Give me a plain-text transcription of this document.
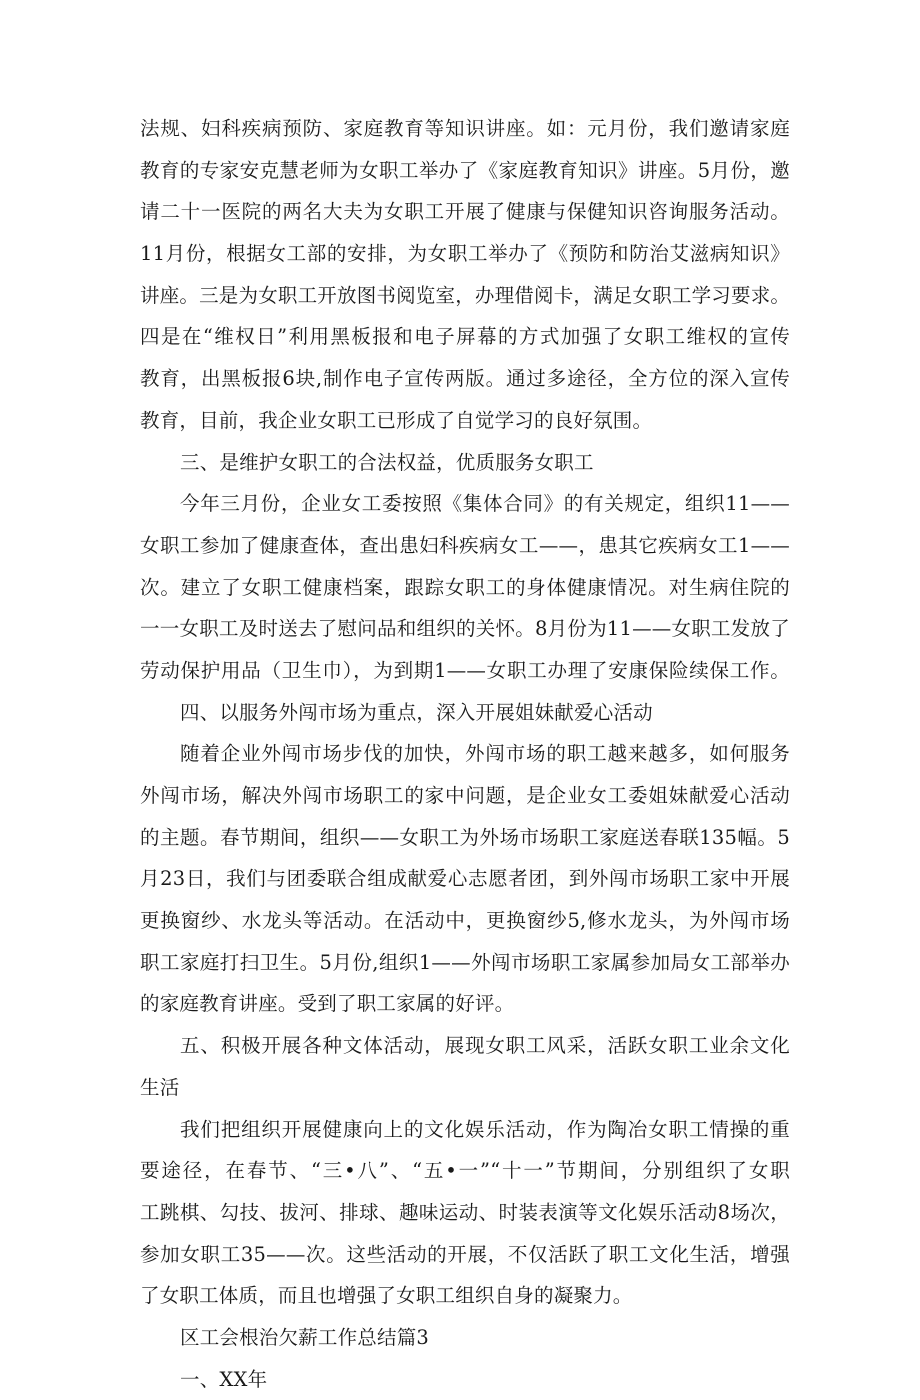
法规、妇科疾病预防、家庭教育等知识讲座。如：元月份，我们邀请家庭
教育的专家安克慧老师为女职工举办了《家庭教育知识》讲座。5月份，邀
请二十一医院的两名大夫为女职工开展了健康与保健知识咨询服务活动。
11月份，根据女工部的安排，为女职工举办了《预防和防治艾滋病知识》
讲座。三是为女职工开放图书阅览室，办理借阅卡，满足女职工学习要求。
四是在“维权日”利用黑板报和电子屏幕的方式加强了女职工维权的宣传
教育，出黑板报6块,制作电子宣传两版。通过多途径，全方位的深入宣传
教育，目前，我企业女职工已形成了自觉学习的良好氛围。
三、是维护女职工的合法权益，优质服务女职工
今年三月份，企业女工委按照《集体合同》的有关规定，组织11——
女职工参加了健康查体，查出患妇科疾病女工——，患其它疾病女工1——
次。建立了女职工健康档案，跟踪女职工的身体健康情况。对生病住院的
一一女职工及时送去了慰问品和组织的关怀。8月份为11——女职工发放了
劳动保护用品（卫生巾），为到期1——女职工办理了安康保险续保工作。
四、以服务外闯市场为重点，深入开展姐妹献爱心活动
随着企业外闯市场步伐的加快，外闯市场的职工越来越多，如何服务
外闯市场，解决外闯市场职工的家中问题，是企业女工委姐妹献爱心活动
的主题。春节期间，组织——女职工为外场市场职工家庭送春联135幅。5
月23日，我们与团委联合组成献爱心志愿者团，到外闯市场职工家中开展
更换窗纱、水龙头等活动。在活动中，更换窗纱5,修水龙头，为外闯市场
职工家庭打扫卫生。5月份,组织1——外闯市场职工家属参加局女工部举办
的家庭教育讲座。受到了职工家属的好评。
五、积极开展各种文体活动，展现女职工风采，活跃女职工业余文化
生活
我们把组织开展健康向上的文化娱乐活动，作为陶冶女职工情操的重
要途径，在春节、“三•八”、“五•一”“十一”节期间，分别组织了女职
工跳棋、勾技、拔河、排球、趣味运动、时装表演等文化娱乐活动8场次，
参加女职工35——次。这些活动的开展，不仅活跃了职工文化生活，增强
了女职工体质，而且也增强了女职工组织自身的凝聚力。
区工会根治欠薪工作总结篇3
一、XX年
